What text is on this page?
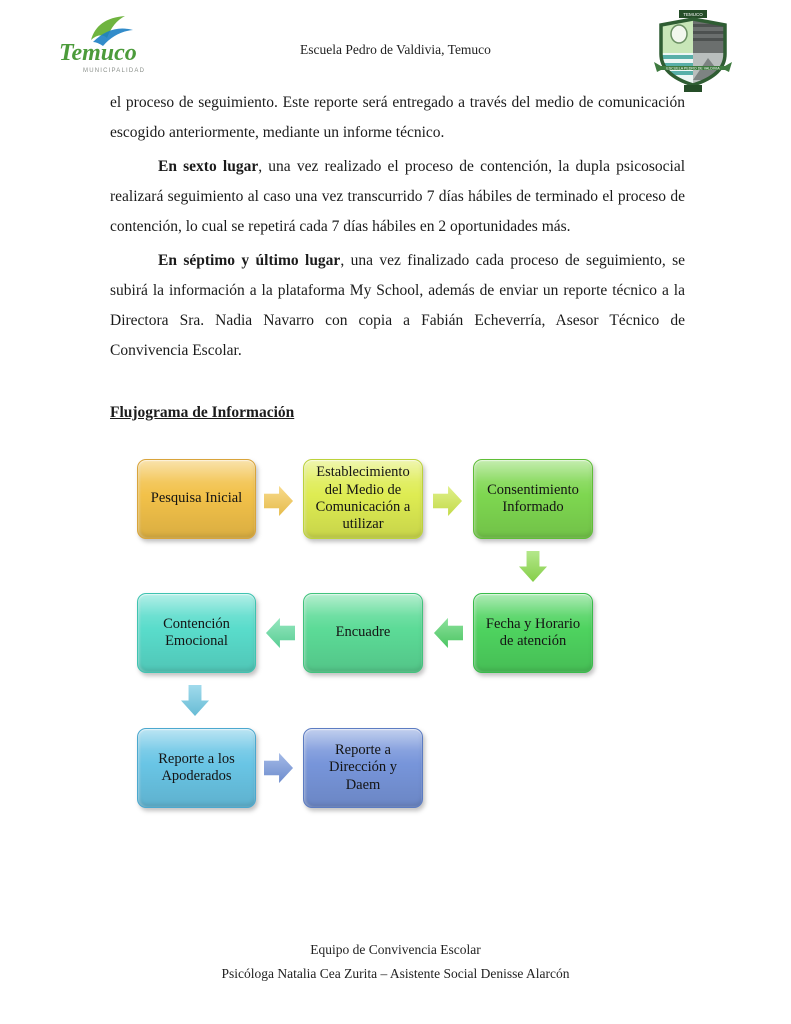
Temuco
MUNICIPALIDAD
Escuela Pedro de Valdivia, Temuco
TEMUCO
ESCUELA PEDRO DE VALDIVIA

el proceso de seguimiento. Este reporte será entregado a través del medio de comunicación escogido anteriormente, mediante un informe técnico.

En sexto lugar, una vez realizado el proceso de contención, la dupla psicosocial realizará seguimiento al caso una vez transcurrido 7 días hábiles de terminado el proceso de contención, lo cual se repetirá cada 7 días hábiles en 2 oportunidades más.

En séptimo y último lugar, una vez finalizado cada proceso de seguimiento, se subirá la información a la plataforma My School, además de enviar un reporte técnico a la Directora Sra. Nadia Navarro con copia a Fabián Echeverría, Asesor Técnico de Convivencia Escolar.

Flujograma de Información

Pesquisa Inicial
Establecimiento del Medio de Comunicación a utilizar
Consentimiento Informado
Fecha y Horario de atención
Encuadre
Contención Emocional
Reporte a los Apoderados
Reporte a Dirección y Daem
Equipo de Convivencia Escolar
Psicóloga Natalia Cea Zurita – Asistente Social Denisse Alarcón
